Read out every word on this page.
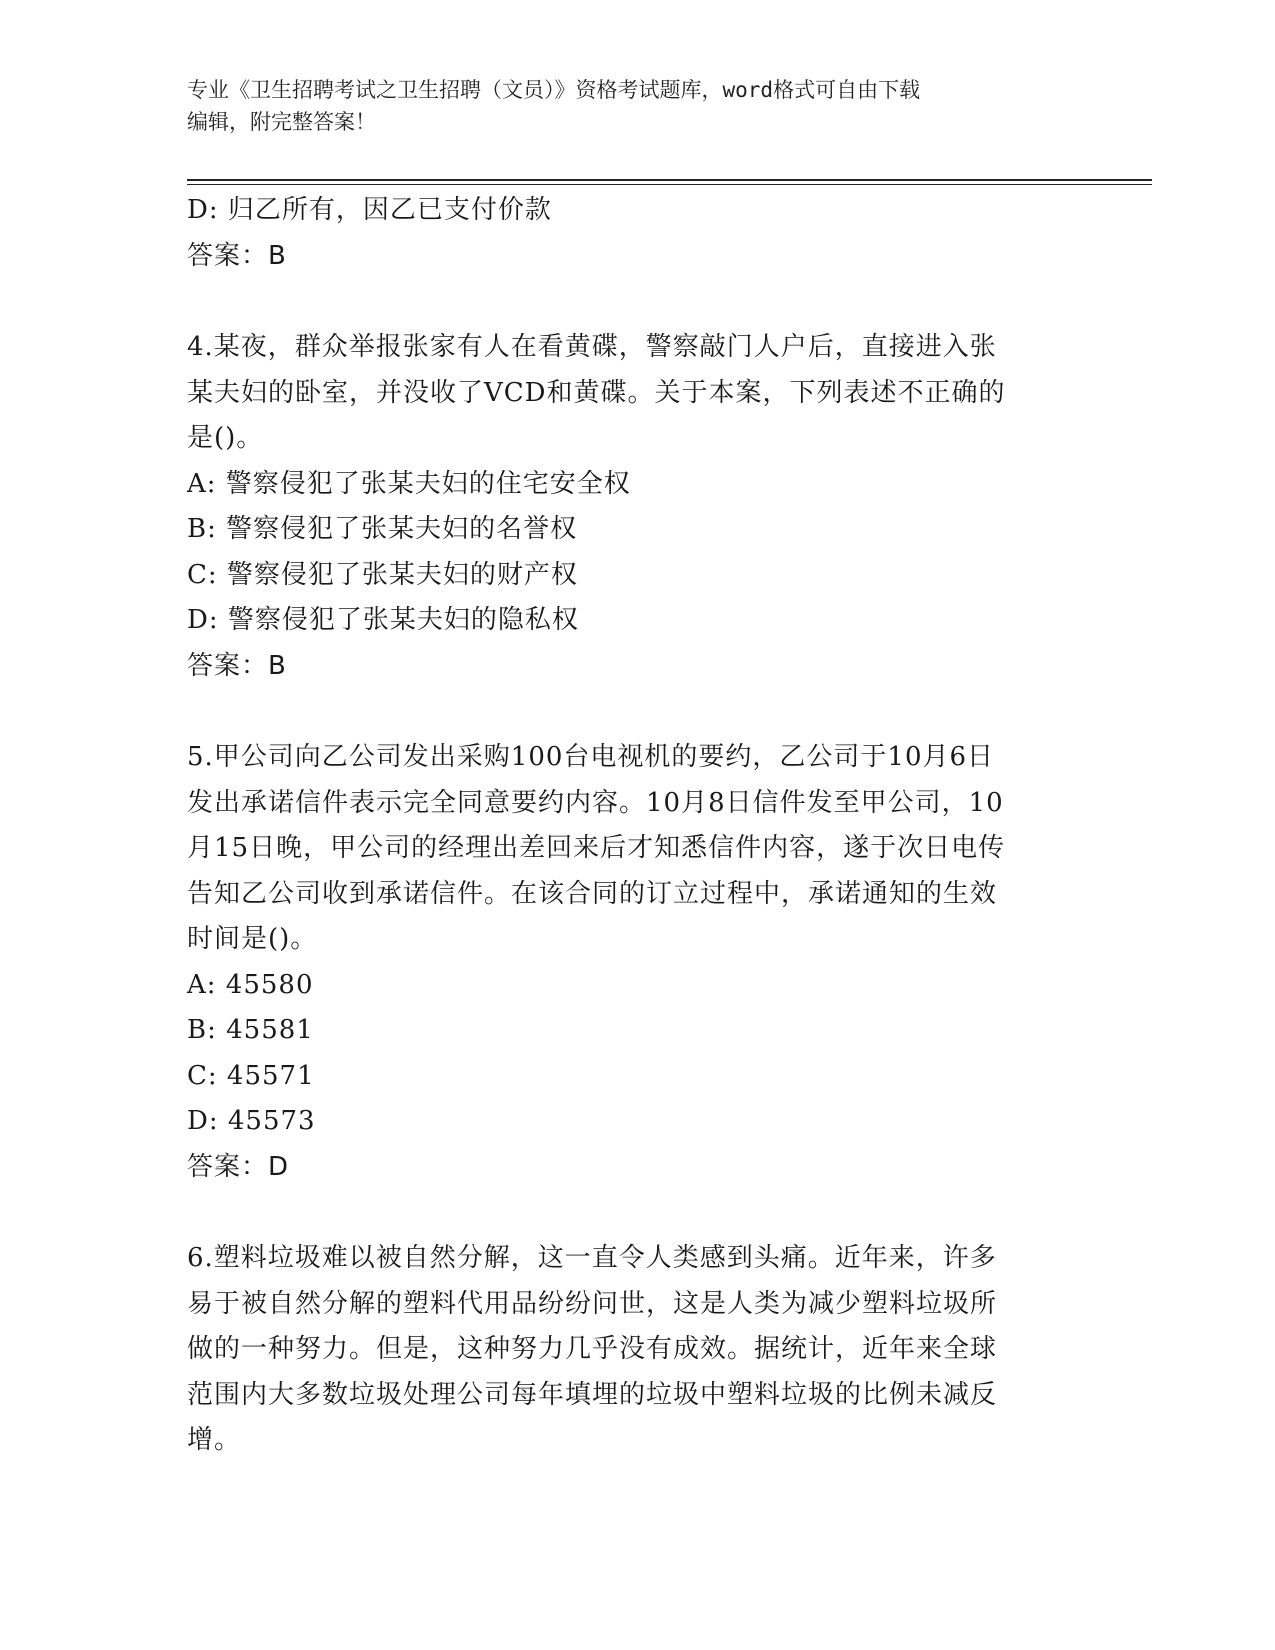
专业《卫生招聘考试之卫生招聘（文员）》资格考试题库，word格式可自由下载
编辑，附完整答案！
D: 归乙所有，因乙已支付价款
答案：B
4.某夜，群众举报张家有人在看黄碟，警察敲门人户后，直接进入张
某夫妇的卧室，并没收了VCD和黄碟。关于本案，下列表述不正确的
是()。
A: 警察侵犯了张某夫妇的住宅安全权
B: 警察侵犯了张某夫妇的名誉权
C: 警察侵犯了张某夫妇的财产权
D: 警察侵犯了张某夫妇的隐私权
答案：B
5.甲公司向乙公司发出采购100台电视机的要约，乙公司于10月6日
发出承诺信件表示完全同意要约内容。10月8日信件发至甲公司，10
月15日晚，甲公司的经理出差回来后才知悉信件内容，遂于次日电传
告知乙公司收到承诺信件。在该合同的订立过程中，承诺通知的生效
时间是()。
A: 45580
B: 45581
C: 45571
D: 45573
答案：D
6.塑料垃圾难以被自然分解，这一直令人类感到头痛。近年来，许多
易于被自然分解的塑料代用品纷纷问世，这是人类为减少塑料垃圾所
做的一种努力。但是，这种努力几乎没有成效。据统计，近年来全球
范围内大多数垃圾处理公司每年填埋的垃圾中塑料垃圾的比例未减反
增。
